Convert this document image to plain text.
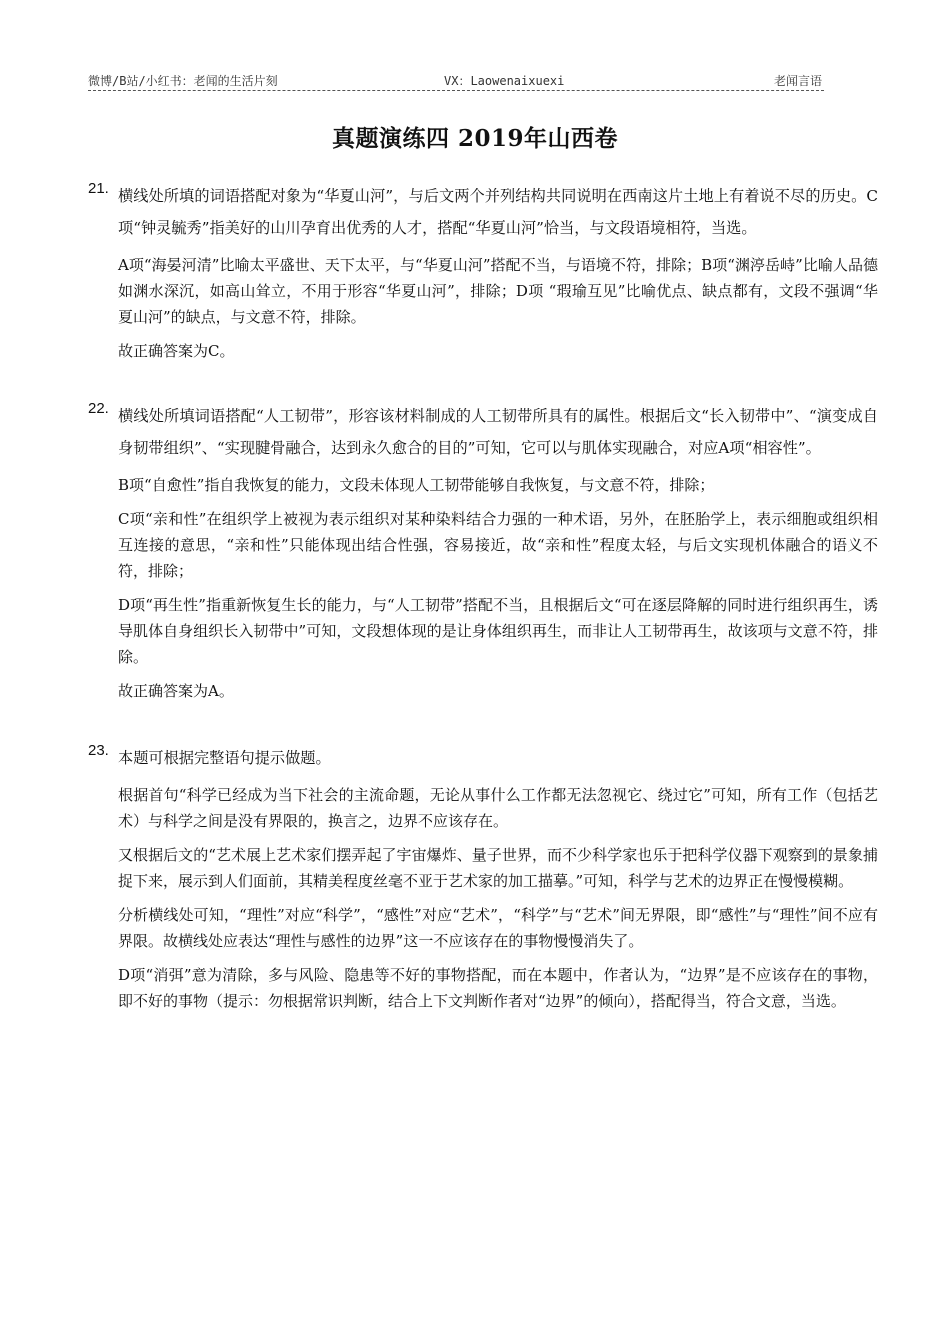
微博/B站/小红书：老闻的生活片刻	VX：Laowenaixuexi	老闻言语
真题演练四 2019年山西卷
21. 横线处所填的词语搭配对象为“华夏山河”，与后文两个并列结构共同说明在西南这片土地上有着说不尽的历史。C项“钟灵毓秀”指美好的山川孕育出优秀的人才，搭配“华夏山河”恰当，与文段语境相符，当选。
A项“海晏河清”比喻太平盛世、天下太平，与“华夏山河”搭配不当，与语境不符，排除；B项“渊渟岳峙”比喻人品德如渊水深沉，如高山耸立，不用于形容“华夏山河”，排除；D项 “瑕瑜互见”比喻优点、缺点都有，文段不强调“华夏山河”的缺点，与文意不符，排除。
故正确答案为C。
22. 横线处所填词语搭配“人工韧带”，形容该材料制成的人工韧带所具有的属性。根据后文“长入韧带中”、“演变成自身韧带组织”、“实现腱骨融合，达到永久愈合的目的”可知，它可以与肌体实现融合，对应A项“相容性”。
B项“自愈性”指自我恢复的能力，文段未体现人工韧带能够自我恢复，与文意不符，排除；
C项“亲和性”在组织学上被视为表示组织对某种染料结合力强的一种术语，另外，在胚胎学上，表示细胞或组织相互连接的意思，“亲和性”只能体现出结合性强，容易接近，故“亲和性”程度太轻，与后文实现机体融合的语义不符，排除；
D项“再生性”指重新恢复生长的能力，与“人工韧带”搭配不当，且根据后文“可在逐层降解的同时进行组织再生，诱导肌体自身组织长入韧带中”可知，文段想体现的是让身体组织再生，而非让人工韧带再生，故该项与文意不符，排除。
故正确答案为A。
23. 本题可根据完整语句提示做题。
根据首句“科学已经成为当下社会的主流命题，无论从事什么工作都无法忽视它、绕过它”可知，所有工作（包括艺术）与科学之间是没有界限的，换言之，边界不应该存在。
又根据后文的“艺术展上艺术家们摆弄起了宇宙爆炸、量子世界，而不少科学家也乐于把科学仪器下观察到的景象捕捉下来，展示到人们面前，其精美程度丝毫不亚于艺术家的加工描摹。”可知，科学与艺术的边界正在慢慢模糊。
分析横线处可知，“理性”对应“科学”，“感性”对应“艺术”，“科学”与“艺术”间无界限，即“感性”与“理性”间不应有界限。故横线处应表达“理性与感性的边界”这一不应该存在的事物慢慢消失了。
D项“消弭”意为清除，多与风险、隐患等不好的事物搭配，而在本题中，作者认为，“边界”是不应该存在的事物，即不好的事物（提示：勿根据常识判断，结合上下文判断作者对“边界”的倾向），搭配得当，符合文意，当选。
